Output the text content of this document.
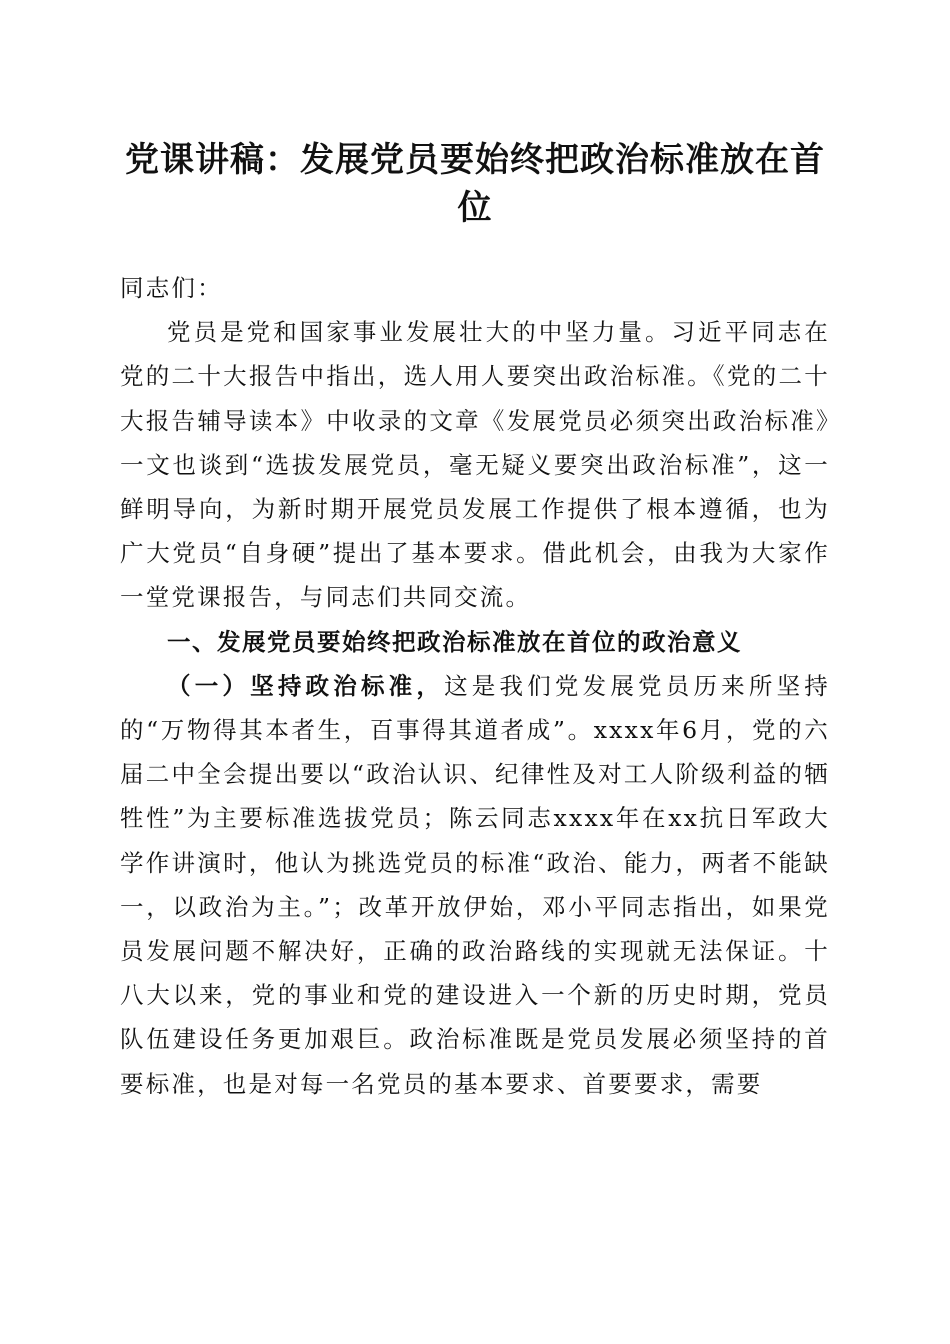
党课讲稿：发展党员要始终把政治标准放在首位

同志们：

党员是党和国家事业发展壮大的中坚力量。习近平同志在党的二十大报告中指出，选人用人要突出政治标准。《党的二十大报告辅导读本》中收录的文章《发展党员必须突出政治标准》一文也谈到“选拔发展党员，毫无疑义要突出政治标准”，这一鲜明导向，为新时期开展党员发展工作提供了根本遵循，也为广大党员“自身硬”提出了基本要求。借此机会，由我为大家作一堂党课报告，与同志们共同交流。

一、发展党员要始终把政治标准放在首位的政治意义

（一）坚持政治标准，这是我们党发展党员历来所坚持的“万物得其本者生，百事得其道者成”。xxxx年6月，党的六届二中全会提出要以“政治认识、纪律性及对工人阶级利益的牺牲性”为主要标准选拔党员；陈云同志xxxx年在xx抗日军政大学作讲演时，他认为挑选党员的标准“政治、能力，两者不能缺一，以政治为主。”；改革开放伊始，邓小平同志指出，如果党员发展问题不解决好，正确的政治路线的实现就无法保证。十八大以来，党的事业和党的建设进入一个新的历史时期，党员队伍建设任务更加艰巨。政治标准既是党员发展必须坚持的首要标准，也是对每一名党员的基本要求、首要要求，需要
